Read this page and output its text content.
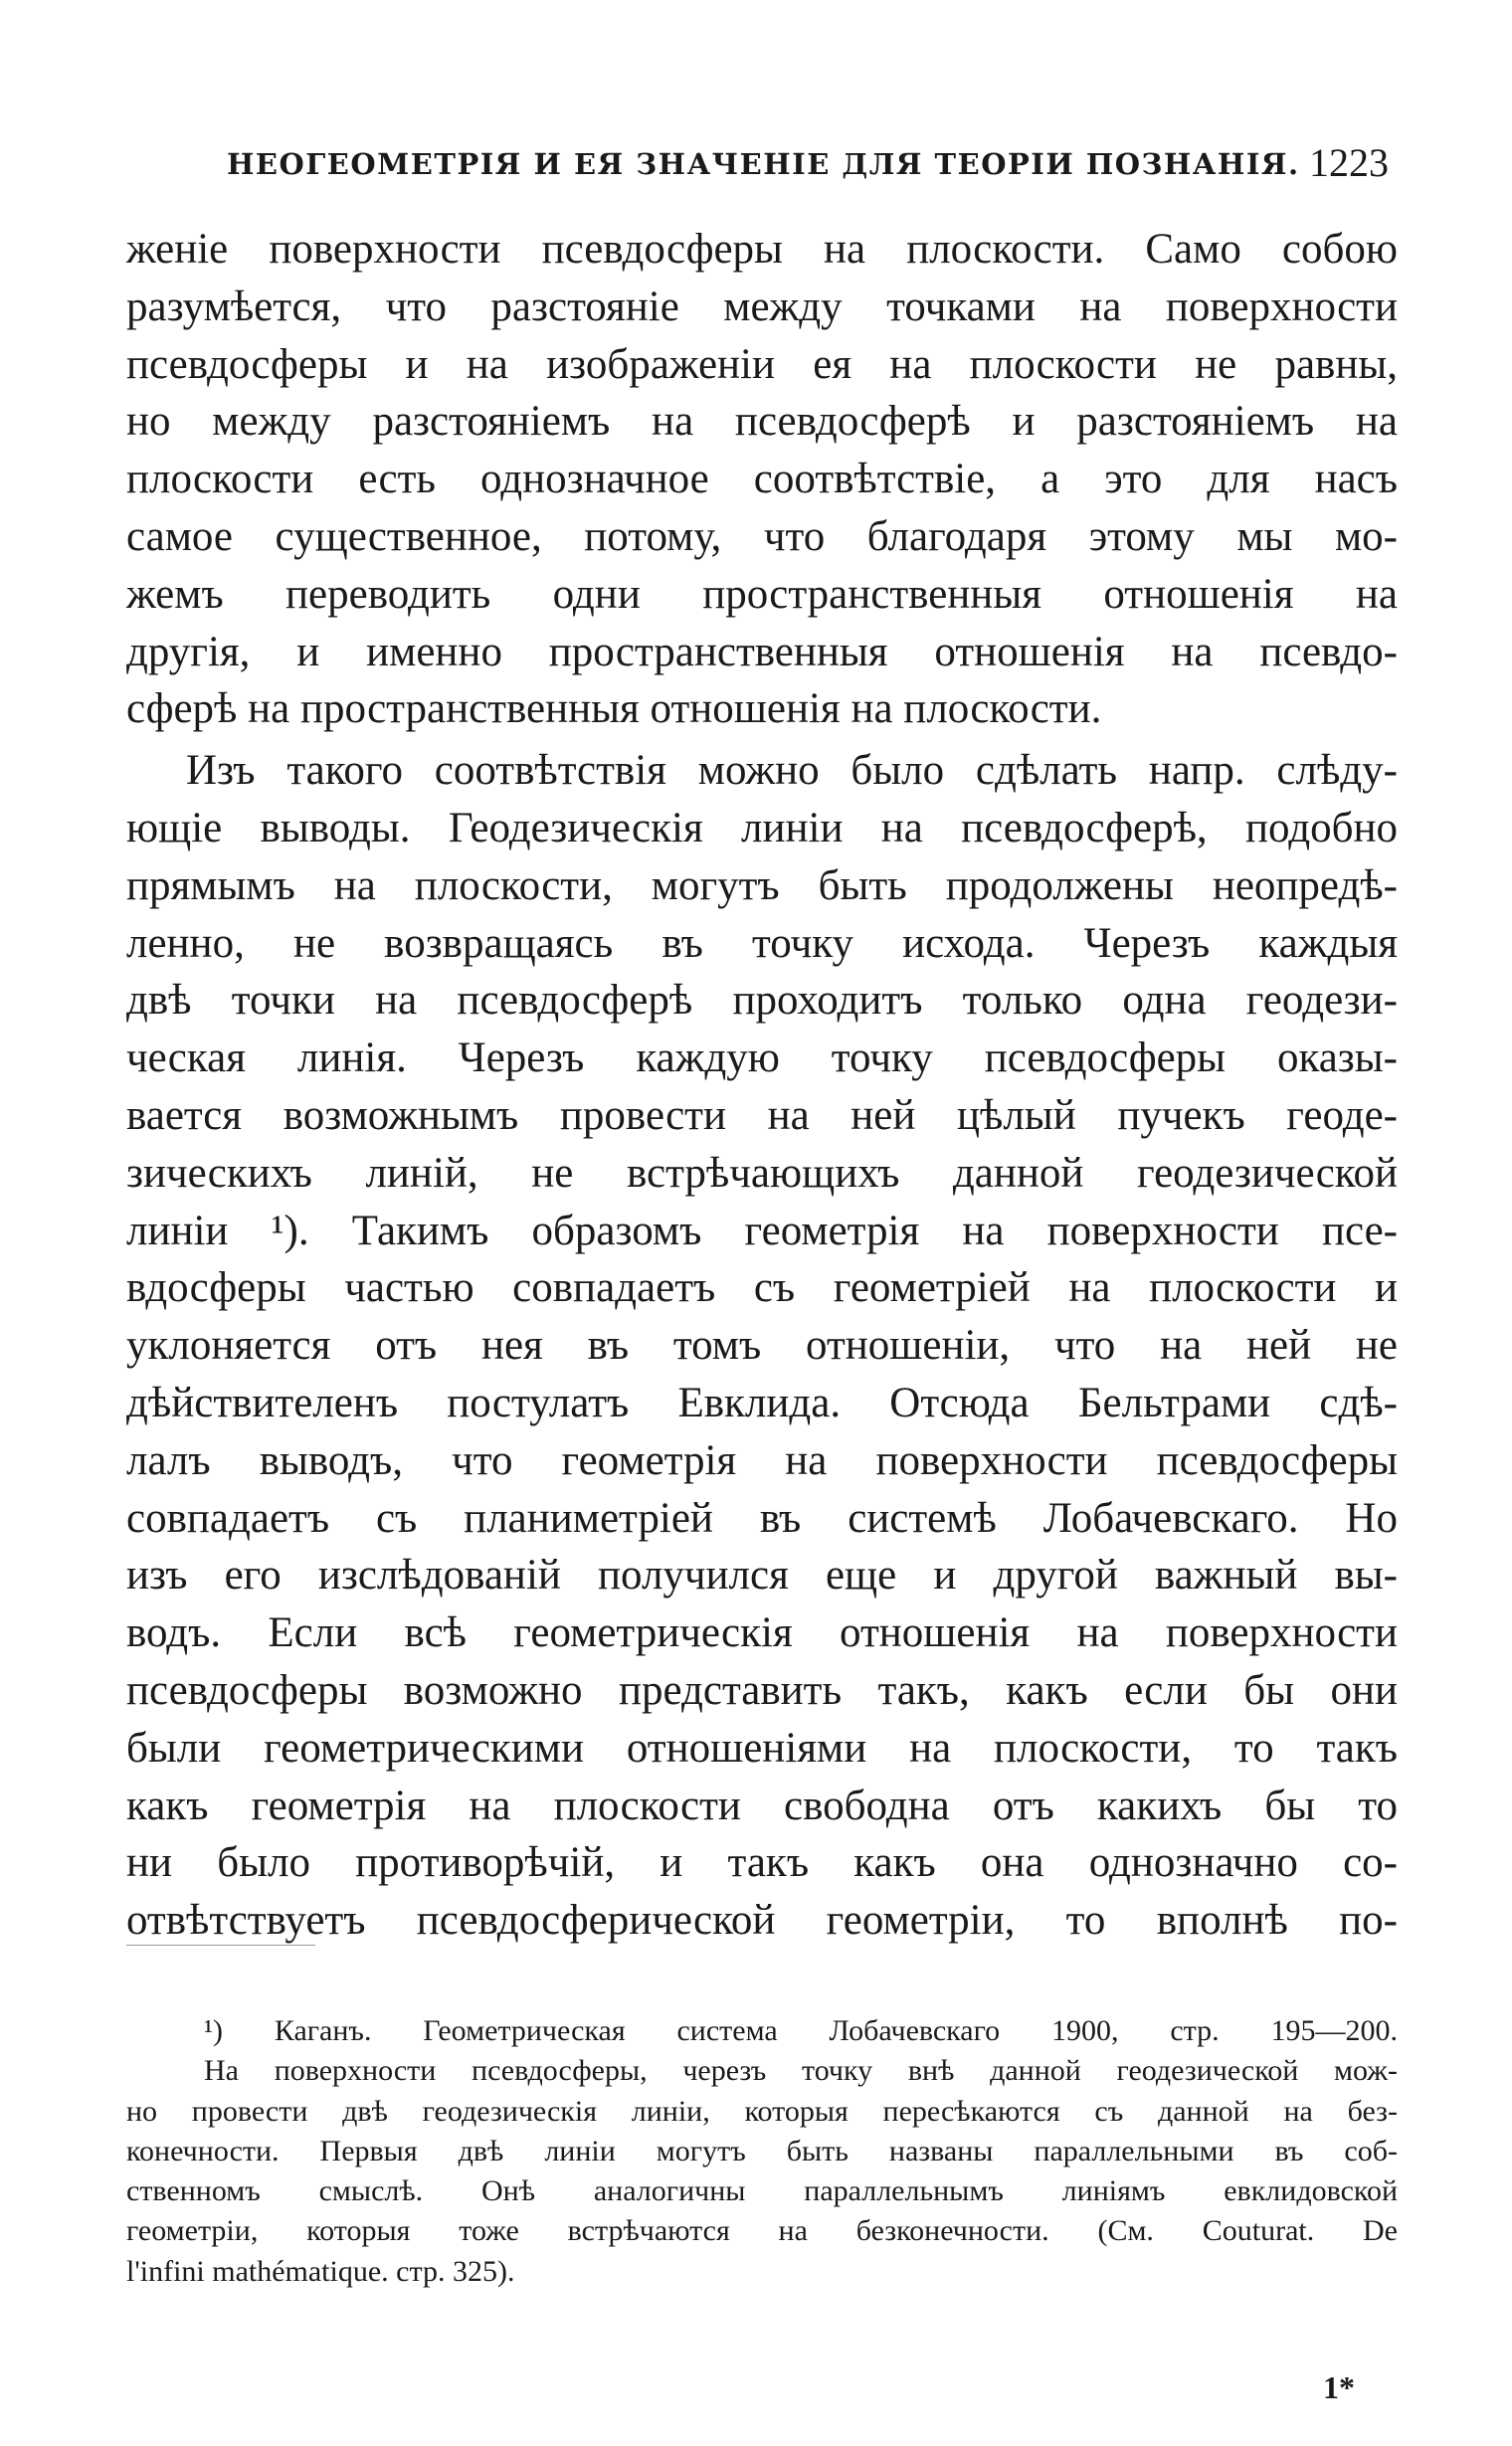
НЕОГЕОМЕТРІЯ И ЕЯ ЗНАЧЕНІЕ ДЛЯ ТЕОРІИ ПОЗНАНІЯ. 1223
женіе поверхности псевдосферы на плоскости. Само собою
разумѣется, что разстояніе между точками на поверхности
псевдосферы и на изображеніи ея на плоскости не равны,
но между разстояніемъ на псевдосферѣ и разстояніемъ на
плоскости есть однозначное соотвѣтствіе, а это для насъ
самое существенное, потому, что благодаря этому мы мо-
жемъ переводить одни пространственныя отношенія на
другія, и именно пространственныя отношенія на псевдо-
сферѣ на пространственныя отношенія на плоскости.
Изъ такого соотвѣтствія можно было сдѣлать напр. слѣду-
ющіе выводы. Геодезическія линіи на псевдосферѣ, подобно
прямымъ на плоскости, могутъ быть продолжены неопредѣ-
ленно, не возвращаясь въ точку исхода. Черезъ каждыя
двѣ точки на псевдосферѣ проходитъ только одна геодези-
ческая линія. Черезъ каждую точку псевдосферы оказы-
вается возможнымъ провести на ней цѣлый пучекъ геоде-
зическихъ линій, не встрѣчающихъ данной геодезической
линіи ¹). Такимъ образомъ геометрія на поверхности псе-
вдосферы частью совпадаетъ съ геометріей на плоскости и
уклоняется отъ нея въ томъ отношеніи, что на ней не
дѣйствителенъ постулатъ Евклида. Отсюда Бельтрами сдѣ-
лалъ выводъ, что геометрія на поверхности псевдосферы
совпадаетъ съ планиметріей въ системѣ Лобачевскаго. Но
изъ его изслѣдованій получился еще и другой важный вы-
водъ. Если всѣ геометрическія отношенія на поверхности
псевдосферы возможно представить такъ, какъ если бы они
были геометрическими отношеніями на плоскости, то такъ
какъ геометрія на плоскости свободна отъ какихъ бы то
ни было противорѣчій, и такъ какъ она однозначно со-
отвѣтствуетъ псевдосферической геометріи, то вполнѣ по-
¹) Каганъ. Геометрическая система Лобачевскаго 1900, стр. 195—200.
На поверхности псевдосферы, черезъ точку внѣ данной геодезической мож-
но провести двѣ геодезическія линіи, которыя пересѣкаются съ данной на без-
конечности. Первыя двѣ линіи могутъ быть названы параллельными въ соб-
ственномъ смыслѣ. Онѣ аналогичны параллельнымъ линіямъ евклидовской
геометріи, которыя тоже встрѣчаются на безконечности. (См. Couturat. De
l'infini mathématique. стр. 325).
1*
